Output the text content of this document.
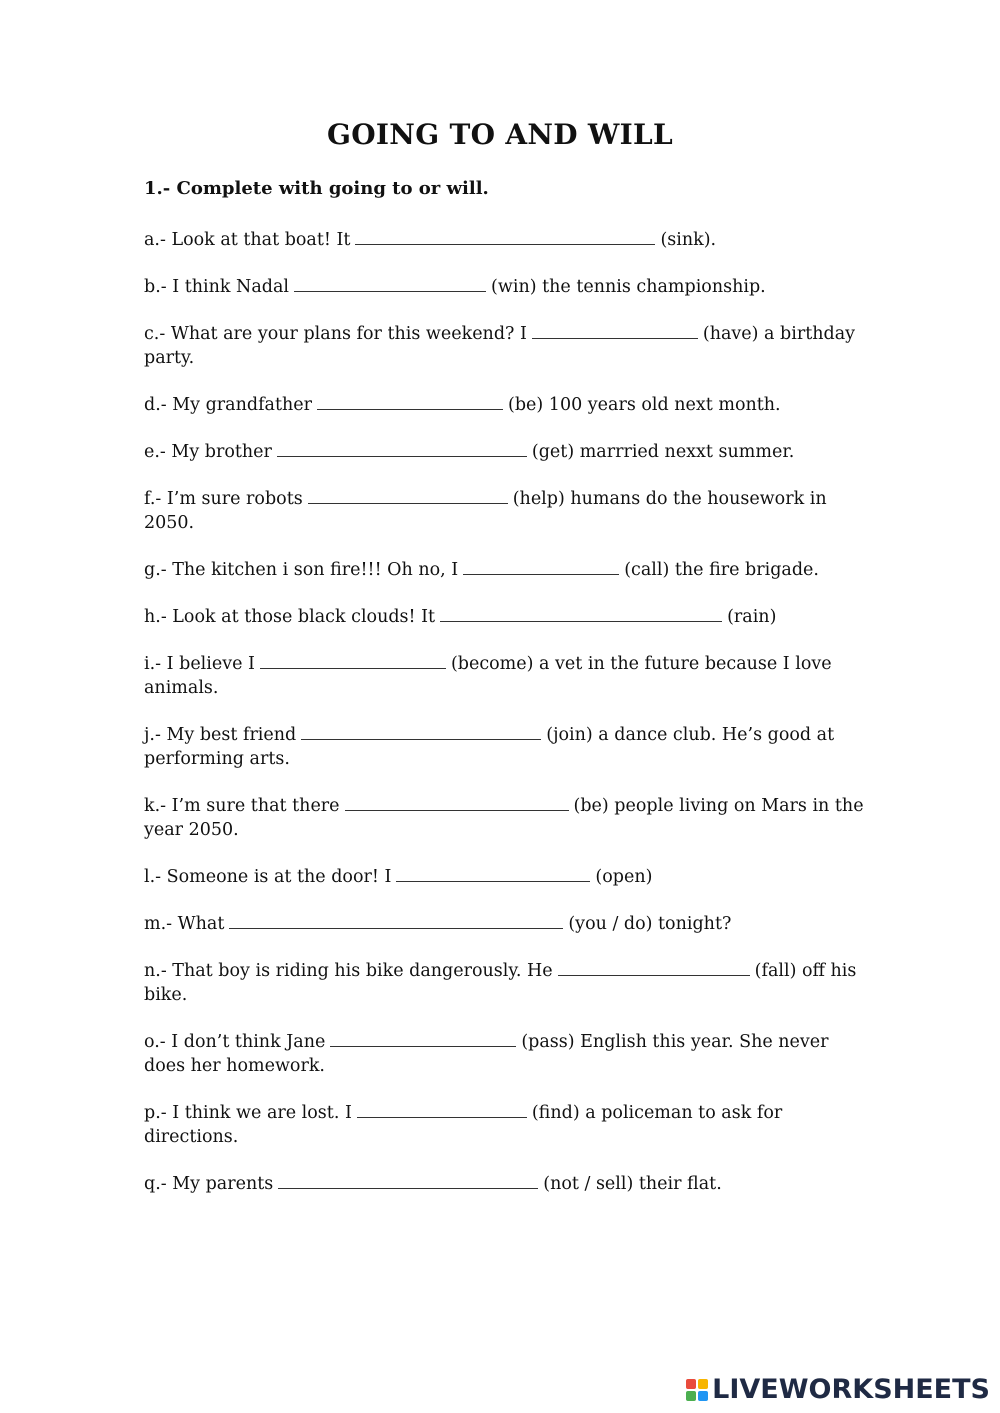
GOING TO AND WILL
1.- Complete with going to or will.
a.- Look at that boat! It	(sink).
b.- I think Nadal	(win) the tennis championship.
c.- What are your plans for this weekend? I	(have) a birthday party.
d.- My grandfather	(be) 100 years old next month.
e.- My brother	(get) marrried nexxt summer.
f.- I’m sure robots	(help) humans do the housework in 2050.
g.- The kitchen i son fire!!! Oh no, I	(call) the fire brigade.
h.- Look at those black clouds! It	(rain)
i.- I believe I	(become) a vet in the future because I love animals.
j.- My best friend	(join) a dance club. He’s good at performing arts.
k.- I’m sure that there	(be) people living on Mars in the year 2050.
l.- Someone is at the door! I	(open)
m.- What	(you / do) tonight?
n.- That boy is riding his bike dangerously. He	(fall) off his bike.
o.- I don’t think Jane	(pass) English this year. She never does her homework.
p.- I think we are lost. I	(find) a policeman to ask for directions.
q.- My parents	(not / sell) their flat.
LIVEWORKSHEETS
